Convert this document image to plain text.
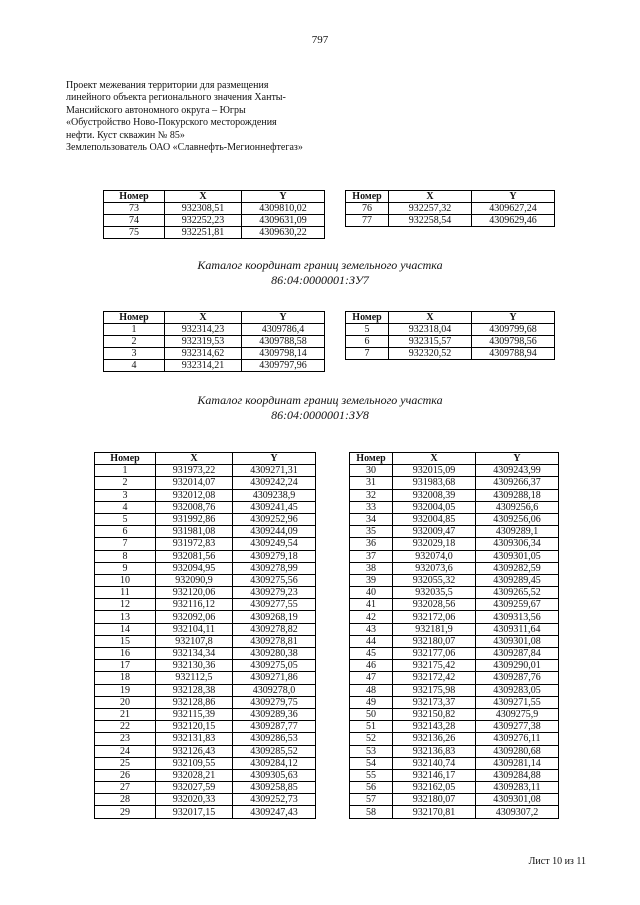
797
Проект межевания территории для размещения
линейного объекта регионального значения Ханты-
Мансийского автономного округа – Югры
«Обустройство Ново-Покурского месторождения
нефти. Куст скважин № 85»
Землепользователь ОАО «Славнефть-Мегионнефтегаз»
Номер	X	Y
73	932308,51	4309810,02
74	932252,23	4309631,09
75	932251,81	4309630,22
Номер	X	Y
76	932257,32	4309627,24
77	932258,54	4309629,46
Каталог координат границ земельного участка
86:04:0000001:ЗУ7
Номер	X	Y
1	932314,23	4309786,4
2	932319,53	4309788,58
3	932314,62	4309798,14
4	932314,21	4309797,96
Номер	X	Y
5	932318,04	4309799,68
6	932315,57	4309798,56
7	932320,52	4309788,94
Каталог координат границ земельного участка
86:04:0000001:ЗУ8
Номер	X	Y
1	931973,22	4309271,31
2	932014,07	4309242,24
3	932012,08	4309238,9
4	932008,76	4309241,45
5	931992,86	4309252,96
6	931981,08	4309244,09
7	931972,83	4309249,54
8	932081,56	4309279,18
9	932094,95	4309278,99
10	932090,9	4309275,56
11	932120,06	4309279,23
12	932116,12	4309277,55
13	932092,06	4309268,19
14	932104,11	4309278,82
15	932107,8	4309278,81
16	932134,34	4309280,38
17	932130,36	4309275,05
18	932112,5	4309271,86
19	932128,38	4309278,0
20	932128,86	4309279,75
21	932115,39	4309289,36
22	932120,15	4309287,77
23	932131,83	4309286,53
24	932126,43	4309285,52
25	932109,55	4309284,12
26	932028,21	4309305,63
27	932027,59	4309258,85
28	932020,33	4309252,73
29	932017,15	4309247,43
Номер	X	Y
30	932015,09	4309243,99
31	931983,68	4309266,37
32	932008,39	4309288,18
33	932004,05	4309256,6
34	932004,85	4309256,06
35	932009,47	4309289,1
36	932029,18	4309306,34
37	932074,0	4309301,05
38	932073,6	4309282,59
39	932055,32	4309289,45
40	932035,5	4309265,52
41	932028,56	4309259,67
42	932172,06	4309313,56
43	932181,9	4309311,64
44	932180,07	4309301,08
45	932177,06	4309287,84
46	932175,42	4309290,01
47	932172,42	4309287,76
48	932175,98	4309283,05
49	932173,37	4309271,55
50	932150,82	4309275,9
51	932143,28	4309277,38
52	932136,26	4309276,11
53	932136,83	4309280,68
54	932140,74	4309281,14
55	932146,17	4309284,88
56	932162,05	4309283,11
57	932180,07	4309301,08
58	932170,81	4309307,2
Лист 10 из 11
